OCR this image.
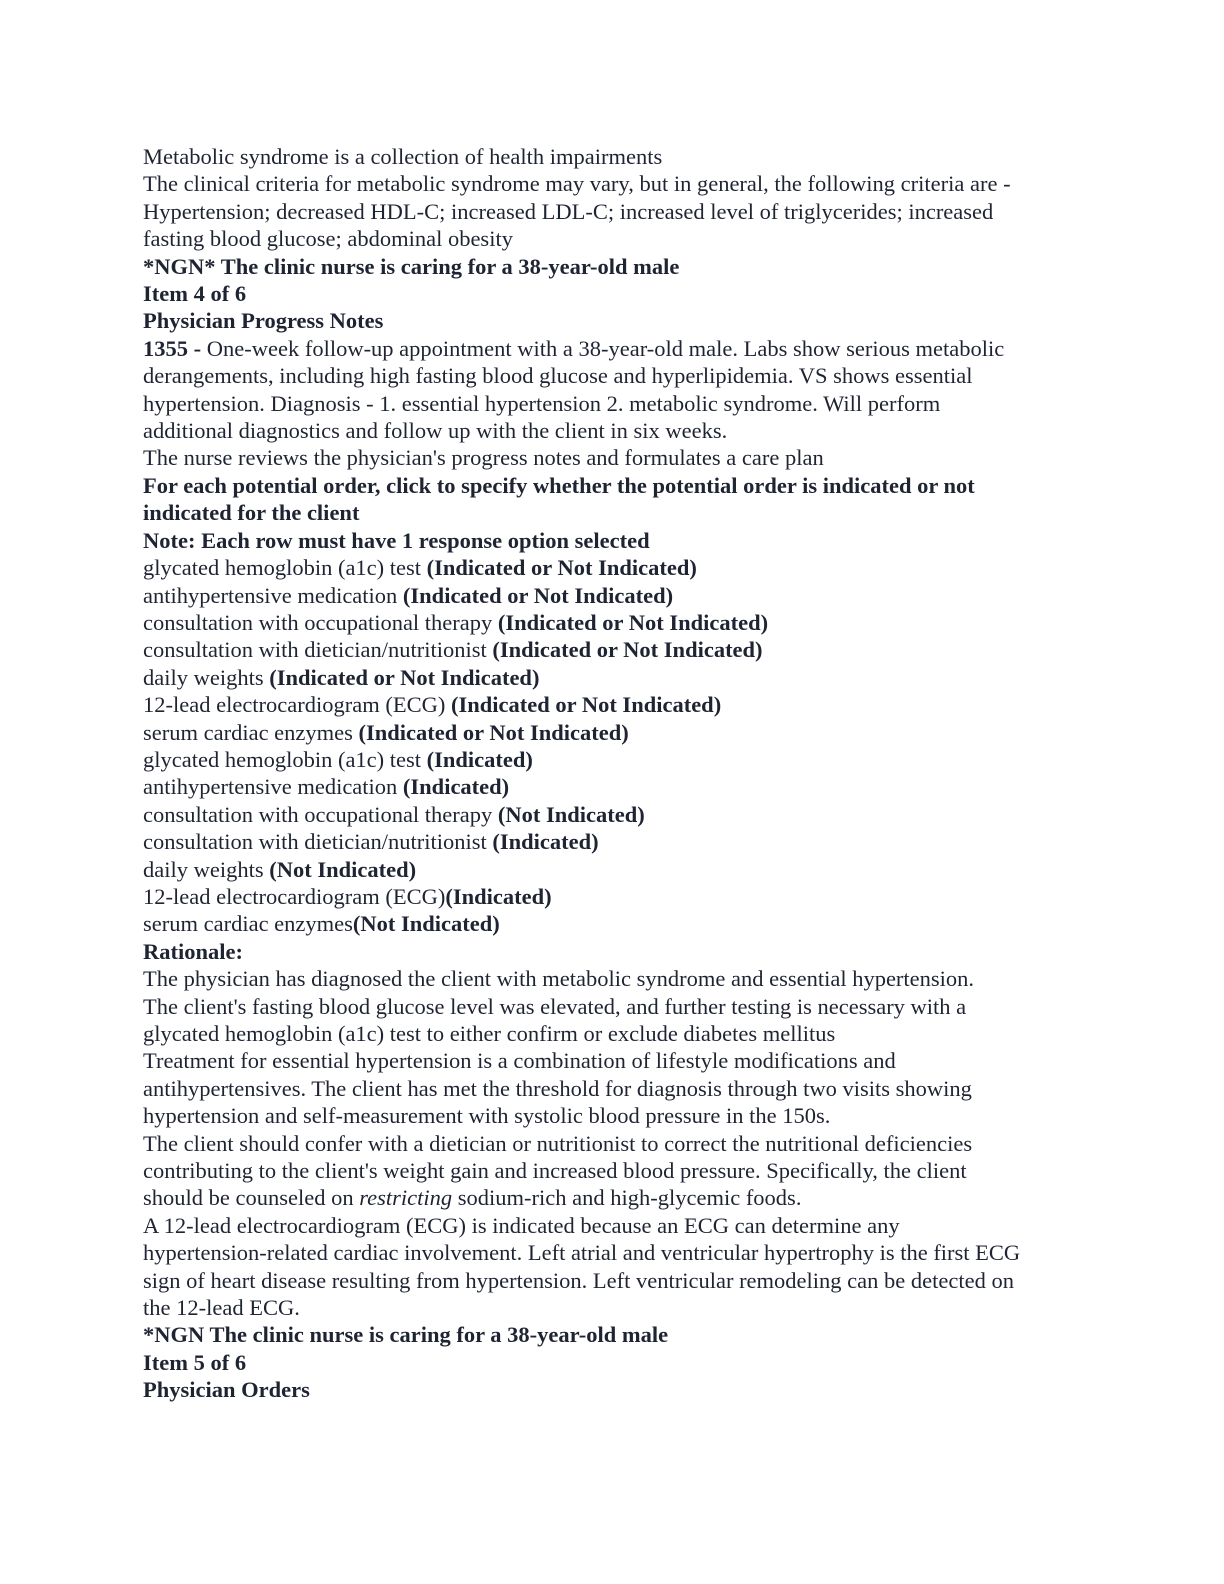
Metabolic syndrome is a collection of health impairments
The clinical criteria for metabolic syndrome may vary, but in general, the following criteria are -
Hypertension; decreased HDL-C; increased LDL-C; increased level of triglycerides; increased
fasting blood glucose; abdominal obesity
*NGN* The clinic nurse is caring for a 38-year-old male
Item 4 of 6
Physician Progress Notes
1355 - One-week follow-up appointment with a 38-year-old male. Labs show serious metabolic
derangements, including high fasting blood glucose and hyperlipidemia. VS shows essential
hypertension. Diagnosis - 1. essential hypertension 2. metabolic syndrome. Will perform
additional diagnostics and follow up with the client in six weeks.
The nurse reviews the physician's progress notes and formulates a care plan
For each potential order, click to specify whether the potential order is indicated or not
indicated for the client
Note: Each row must have 1 response option selected
glycated hemoglobin (a1c) test (Indicated or Not Indicated)
antihypertensive medication (Indicated or Not Indicated)
consultation with occupational therapy (Indicated or Not Indicated)
consultation with dietician/nutritionist (Indicated or Not Indicated)
daily weights (Indicated or Not Indicated)
12-lead electrocardiogram (ECG) (Indicated or Not Indicated)
serum cardiac enzymes (Indicated or Not Indicated)
glycated hemoglobin (a1c) test (Indicated)
antihypertensive medication (Indicated)
consultation with occupational therapy (Not Indicated)
consultation with dietician/nutritionist (Indicated)
daily weights (Not Indicated)
12-lead electrocardiogram (ECG)(Indicated)
serum cardiac enzymes(Not Indicated)
Rationale:
The physician has diagnosed the client with metabolic syndrome and essential hypertension.
The client's fasting blood glucose level was elevated, and further testing is necessary with a
glycated hemoglobin (a1c) test to either confirm or exclude diabetes mellitus
Treatment for essential hypertension is a combination of lifestyle modifications and
antihypertensives. The client has met the threshold for diagnosis through two visits showing
hypertension and self-measurement with systolic blood pressure in the 150s.
The client should confer with a dietician or nutritionist to correct the nutritional deficiencies
contributing to the client's weight gain and increased blood pressure. Specifically, the client
should be counseled on restricting sodium-rich and high-glycemic foods.
A 12-lead electrocardiogram (ECG) is indicated because an ECG can determine any
hypertension-related cardiac involvement. Left atrial and ventricular hypertrophy is the first ECG
sign of heart disease resulting from hypertension. Left ventricular remodeling can be detected on
the 12-lead ECG.
*NGN The clinic nurse is caring for a 38-year-old male
Item 5 of 6
Physician Orders
